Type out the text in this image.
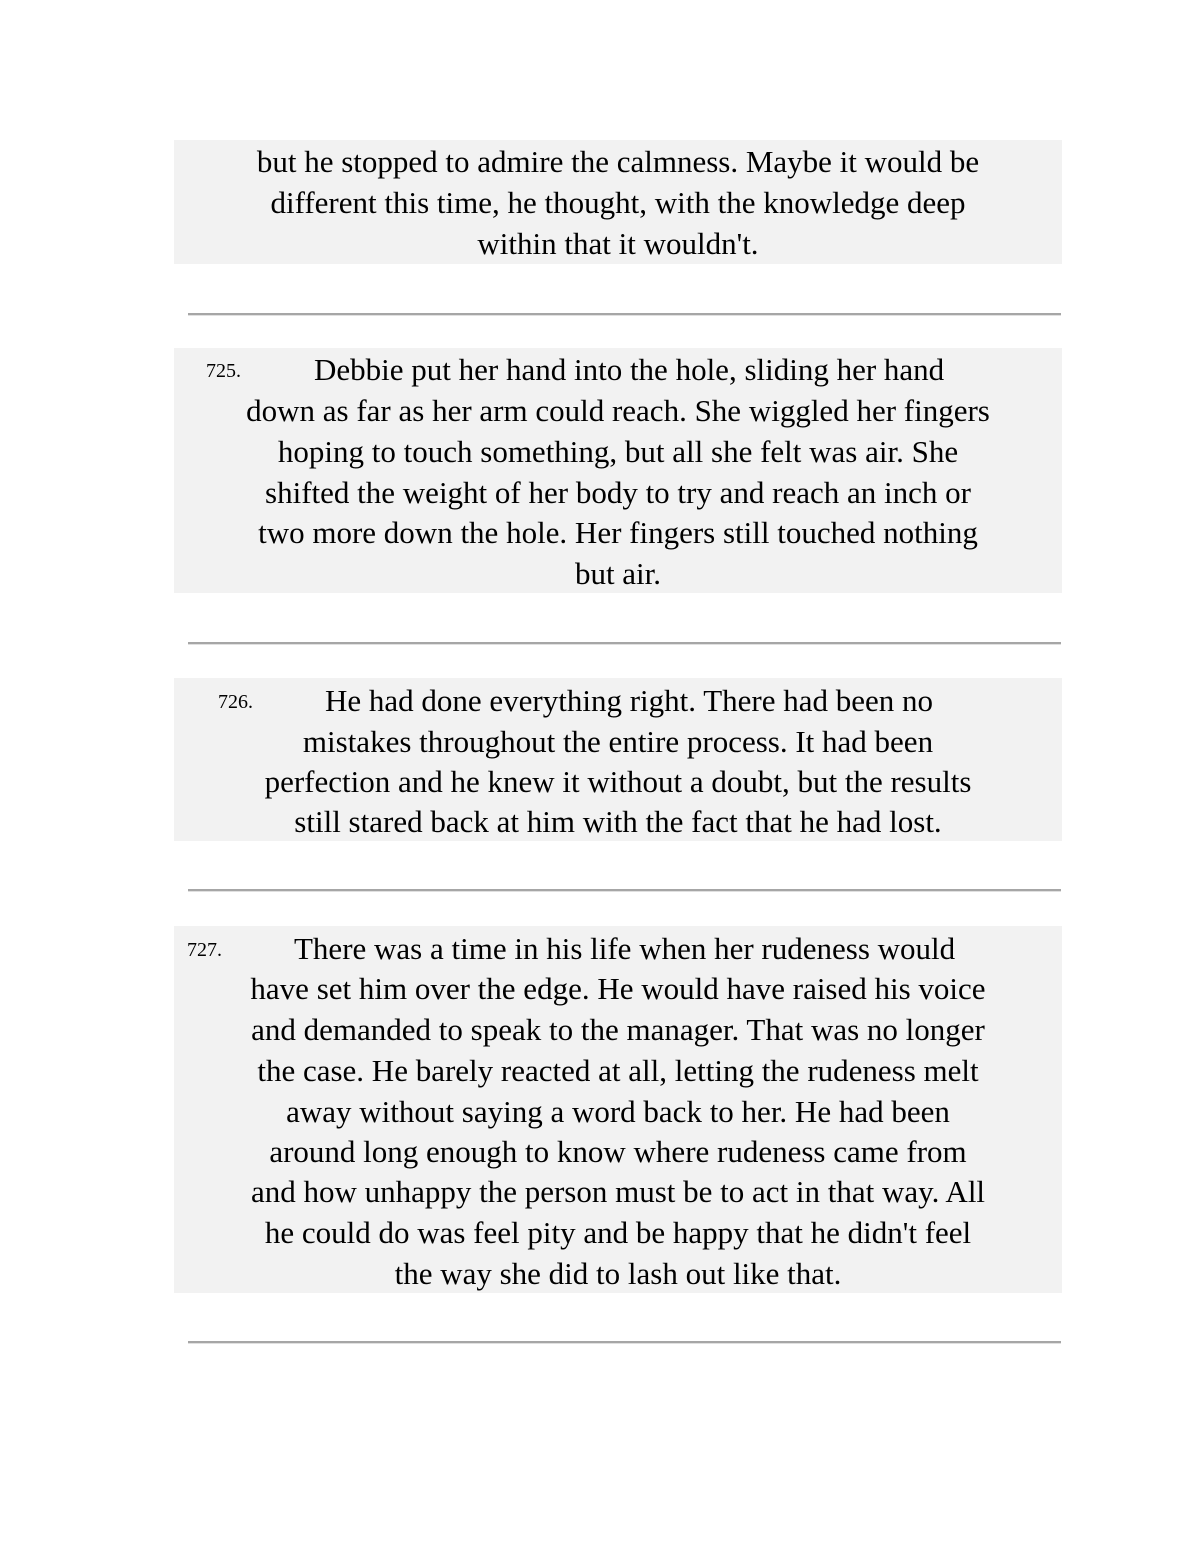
but he stopped to admire the calmness. Maybe it would be
different this time, he thought, with the knowledge deep
within that it wouldn't.
725. Debbie put her hand into the hole, sliding her hand
down as far as her arm could reach. She wiggled her fingers
hoping to touch something, but all she felt was air. She
shifted the weight of her body to try and reach an inch or
two more down the hole. Her fingers still touched nothing
but air.
726. He had done everything right. There had been no
mistakes throughout the entire process. It had been
perfection and he knew it without a doubt, but the results
still stared back at him with the fact that he had lost.
727. There was a time in his life when her rudeness would
have set him over the edge. He would have raised his voice
and demanded to speak to the manager. That was no longer
the case. He barely reacted at all, letting the rudeness melt
away without saying a word back to her. He had been
around long enough to know where rudeness came from
and how unhappy the person must be to act in that way. All
he could do was feel pity and be happy that he didn't feel
the way she did to lash out like that.
